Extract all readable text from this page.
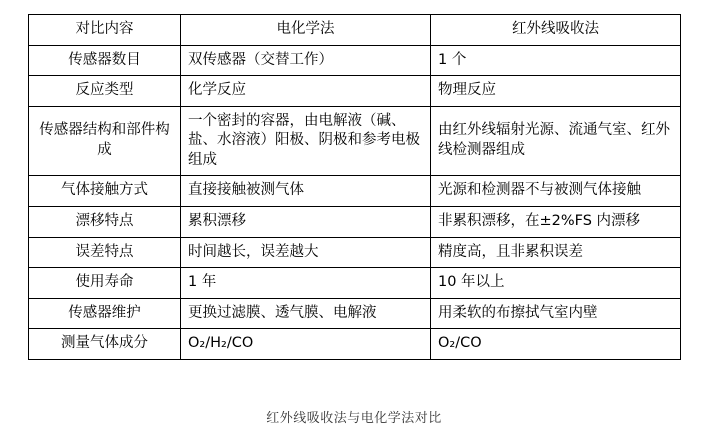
对比内容	电化学法	红外线吸收法
传感器数目	双传感器（交替工作）	1 个
反应类型	化学反应	物理反应
传感器结构和部件构成	一个密封的容器，由电解液（碱、盐、水溶液）阳极、阴极和参考电极组成	由红外线辐射光源、流通气室、红外线检测器组成
气体接触方式	直接接触被测气体	光源和检测器不与被测气体接触
漂移特点	累积漂移	非累积漂移，在±2%FS 内漂移
误差特点	时间越长，误差越大	精度高，且非累积误差
使用寿命	1 年	10 年以上
传感器维护	更换过滤膜、透气膜、电解液	用柔软的布擦拭气室内壁
测量气体成分	O₂/H₂/CO	O₂/CO
红外线吸收法与电化学法对比
